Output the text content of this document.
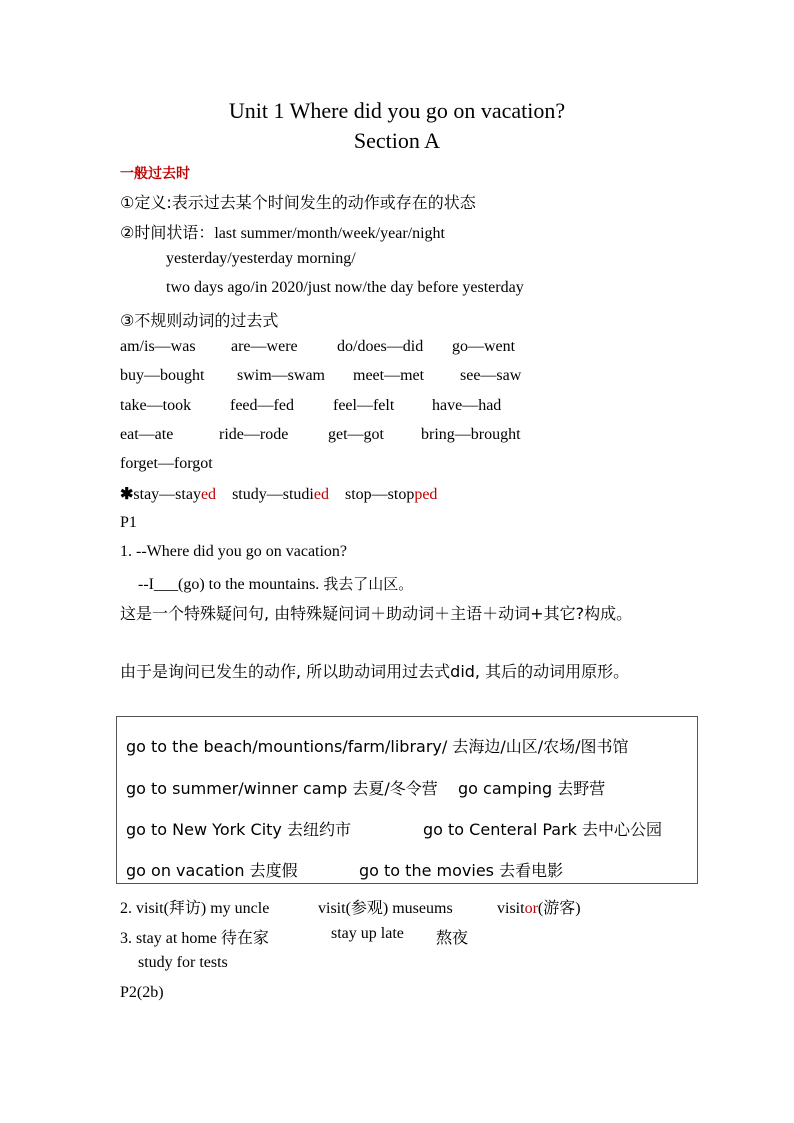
Unit 1 Where did you go on vacation?
Section A
一般过去时
①定义:表示过去某个时间发生的动作或存在的状态
②时间状语：last summer/month/week/year/night
yesterday/yesterday morning/
two days ago/in 2020/just now/the day before yesterday
③不规则动词的过去式
am/is—was are—were do/does—did go—went
buy—bought swim—swam meet—met see—saw
take—took feed—fed feel—felt have—had
eat—ate	ride—rode get—got bring—brought
forget—forgot
✱stay—stayed study—studied stop—stopped
P1
1. --Where did you go on vacation?
--I___(go) to the mountains. 我去了山区。
这是一个特殊疑问句, 由特殊疑问词＋助动词＋主语＋动词+其它?构成。
由于是询问已发生的动作, 所以助动词用过去式did, 其后的动词用原形。
go to the beach/mountions/farm/library/ 去海边/山区/农场/图书馆
go to summer/winner camp 去夏/冬令营 go camping 去野营
go to New York City 去纽约市	go to Centeral Park 去中心公园
go on vacation 去度假	go to the movies 去看电影
2. visit(拜访) my uncle	visit(参观) museums	visitor(游客)
3. stay at home 待在家	stay up late 熬夜
study for tests
P2(2b)
